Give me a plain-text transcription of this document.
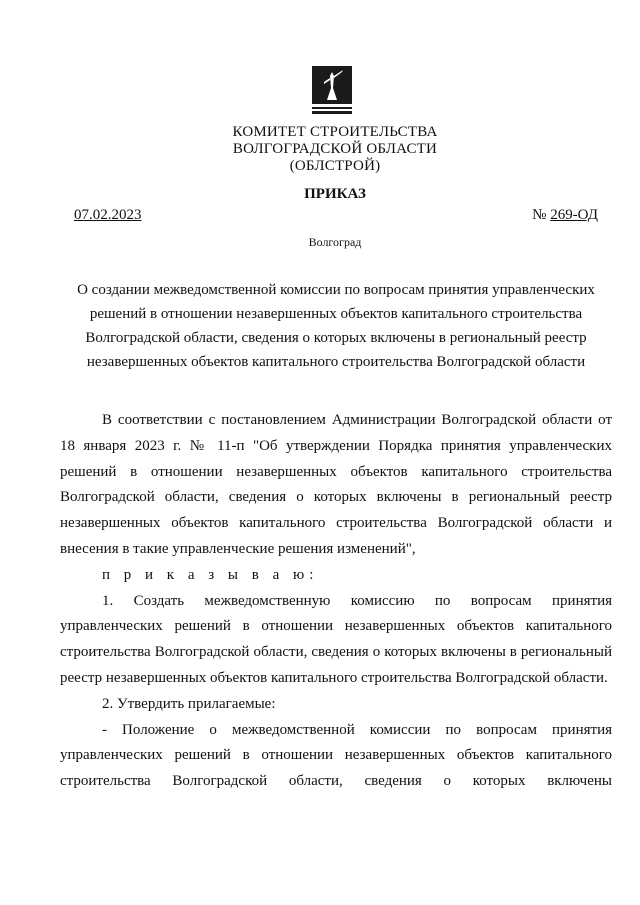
КОМИТЕТ СТРОИТЕЛЬСТВА
ВОЛГОГРАДСКОЙ ОБЛАСТИ
(ОБЛСТРОЙ)
ПРИКАЗ
07.02.2023	№ 269-ОД
Волгоград
О создании межведомственной комиссии по вопросам принятия управленческих
решений в отношении незавершенных объектов капитального строительства
Волгоградской области, сведения о которых включены в региональный реестр
незавершенных объектов капитального строительства Волгоградской области

В соответствии с постановлением Администрации Волгоградской области от 18 января 2023 г. № 11-п "Об утверждении Порядка принятия управленческих решений в отношении незавершенных объектов капитального строительства Волгоградской области, сведения о которых включены в региональный реестр незавершенных объектов капитального строительства Волгоградской области и внесения в такие управленческие решения изменений",

п р и к а з ы в а ю:

1. Создать межведомственную комиссию по вопросам принятия управленческих решений в отношении незавершенных объектов капитального строительства Волгоградской области, сведения о которых включены в региональный реестр незавершенных объектов капитального строительства Волгоградской области.

2. Утвердить прилагаемые:

- Положение о межведомственной комиссии по вопросам принятия управленческих решений в отношении незавершенных объектов капитального строительства Волгоградской области, сведения о которых включены
